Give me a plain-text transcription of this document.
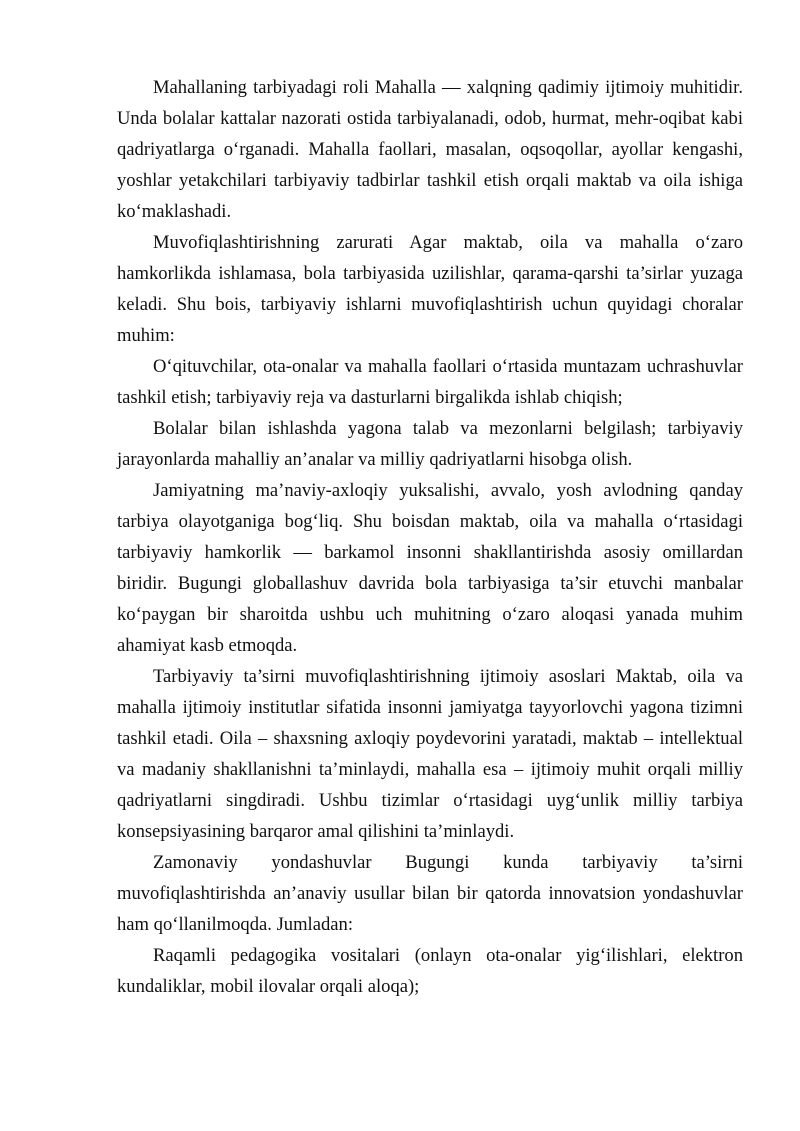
Mahallaning tarbiyadagi roli Mahalla — xalqning qadimiy ijtimoiy muhitidir. Unda bolalar kattalar nazorati ostida tarbiyalanadi, odob, hurmat, mehr-oqibat kabi qadriyatlarga o‘rganadi. Mahalla faollari, masalan, oqsoqollar, ayollar kengashi, yoshlar yetakchilari tarbiyaviy tadbirlar tashkil etish orqali maktab va oila ishiga ko‘maklashadi.

Muvofiqlashtirishning zarurati Agar maktab, oila va mahalla o‘zaro hamkorlikda ishlamasa, bola tarbiyasida uzilishlar, qarama-qarshi ta’sirlar yuzaga keladi. Shu bois, tarbiyaviy ishlarni muvofiqlashtirish uchun quyidagi choralar muhim:

O‘qituvchilar, ota-onalar va mahalla faollari o‘rtasida muntazam uchrashuvlar tashkil etish; tarbiyaviy reja va dasturlarni birgalikda ishlab chiqish;

Bolalar bilan ishlashda yagona talab va mezonlarni belgilash; tarbiyaviy jarayonlarda mahalliy an’analar va milliy qadriyatlarni hisobga olish.

Jamiyatning ma’naviy-axloqiy yuksalishi, avvalo, yosh avlodning qanday tarbiya olayotganiga bog‘liq. Shu boisdan maktab, oila va mahalla o‘rtasidagi tarbiyaviy hamkorlik — barkamol insonni shakllantirishda asosiy omillardan biridir. Bugungi globallashuv davrida bola tarbiyasiga ta’sir etuvchi manbalar ko‘paygan bir sharoitda ushbu uch muhitning o‘zaro aloqasi yanada muhim ahamiyat kasb etmoqda.

Tarbiyaviy ta’sirni muvofiqlashtirishning ijtimoiy asoslari Maktab, oila va mahalla ijtimoiy institutlar sifatida insonni jamiyatga tayyorlovchi yagona tizimni tashkil etadi. Oila – shaxsning axloqiy poydevorini yaratadi, maktab – intellektual va madaniy shakllanishni ta’minlaydi, mahalla esa – ijtimoiy muhit orqali milliy qadriyatlarni singdiradi. Ushbu tizimlar o‘rtasidagi uyg‘unlik milliy tarbiya konsepsiyasining barqaror amal qilishini ta’minlaydi.

Zamonaviy yondashuvlar Bugungi kunda tarbiyaviy ta’sirni muvofiqlashtirishda an’anaviy usullar bilan bir qatorda innovatsion yondashuvlar ham qo‘llanilmoqda. Jumladan:

Raqamli pedagogika vositalari (onlayn ota-onalar yig‘ilishlari, elektron kundaliklar, mobil ilovalar orqali aloqa);
